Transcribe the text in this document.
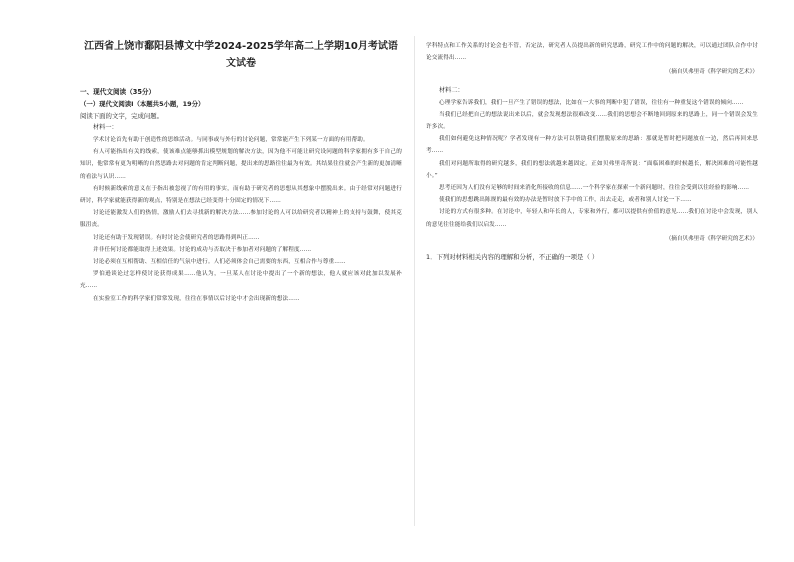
江西省上饶市鄱阳县博文中学2024-2025学年高二上学期10月考试语文试卷
一、现代文阅读（35分）
（一）现代文阅读Ⅰ（本题共5小题，19分）
阅读下面的文字，完成问题。
材料一：

学术讨论首先有助于创造性的思维活动。与同事或与外行的讨论问题，常常能产生下列某一方面的有用帮助。

有人可能指出有关的线索，使该难点能够抓出模型规划的解决方法，因为他不可能让研究设问题的科学家拥有多于自己的知识，他常常有更为明晰的自然思路去对问题的肯定判断问题，提出来的思路往往最为有效。其结果往往就会产生新的更加清晰的看法与认识……

有时候新线索的意义在于指出被忽视了的有用的事实，而有助于研究者的思想从其想象中摆脱出来。由于经常对问题进行研讨，科学家就能获得新的观点，特别是在想法已经变得十分固定的情况下……

讨论还能激发人们的热情，激励人们去寻找新的解决方法……参加讨论的人可以给研究者以精神上的支持与鼓舞，使其克服沮丧。

讨论还有助于发现错误。有时讨论会使研究者的思路得到纠正……

并非任何讨论都能取得上述效果。讨论的成功与否取决于参加者对问题的了解程度……

讨论必须在互相帮助、互相信任的气氛中进行。人们必须体会自己需要的东西，互相合作与尊重……

罗伯逊谈论过怎样使讨论获得成果……他认为，一旦某人在讨论中提出了一个新的想法，他人就应该对此加以发展补充……

在实验室工作的科学家们常常发现，往往在事情以后讨论中才会出现新的想法……

学科特点和工作关系的讨论会也不管，否定法，研究者人员提出新的研究思路，研究工作中的问题的解决，可以通过团队合作中讨论交流得出……

（摘自贝弗里奇《科学研究的艺术》）
材料二：

心理学家告诉我们，我们一旦产生了错误的想法，比如在一大事的判断中犯了错误，往往有一种重复这个错误的倾向……

当我们已经把自己的想法说出来以后，就会发现想法很难改变……我们的思想会不断地回到原来的思路上，同一个错误会发生许多次。

我们如何避免这种情况呢？学者发现有一种方法可以帮助我们摆脱原来的思路：那就是暂时把问题放在一边，然后再回来思考……

我们对问题所取得的研究越多，我们的想法就越来越固定。正如贝弗里奇所说：“面临困难的时候越长，解决困难的可能性越小。”

思考还因为人们没有足够的时间来消化所接收的信息……一个科学家在探索一个新问题时，往往会受到以往经验的影响……

使我们的思想跳出陈规的最有效的办法是暂时放下手中的工作，出去走走，或者和别人讨论一下……

讨论的方式有很多种。在讨论中，年轻人和年长的人，专家和外行，都可以提供有价值的意见……我们在讨论中会发现，别人的意见往往能给我们以启发……

（摘自贝弗里奇《科学研究的艺术》）
1．下列对材料相关内容的理解和分析，不正确的一项是（ ）
